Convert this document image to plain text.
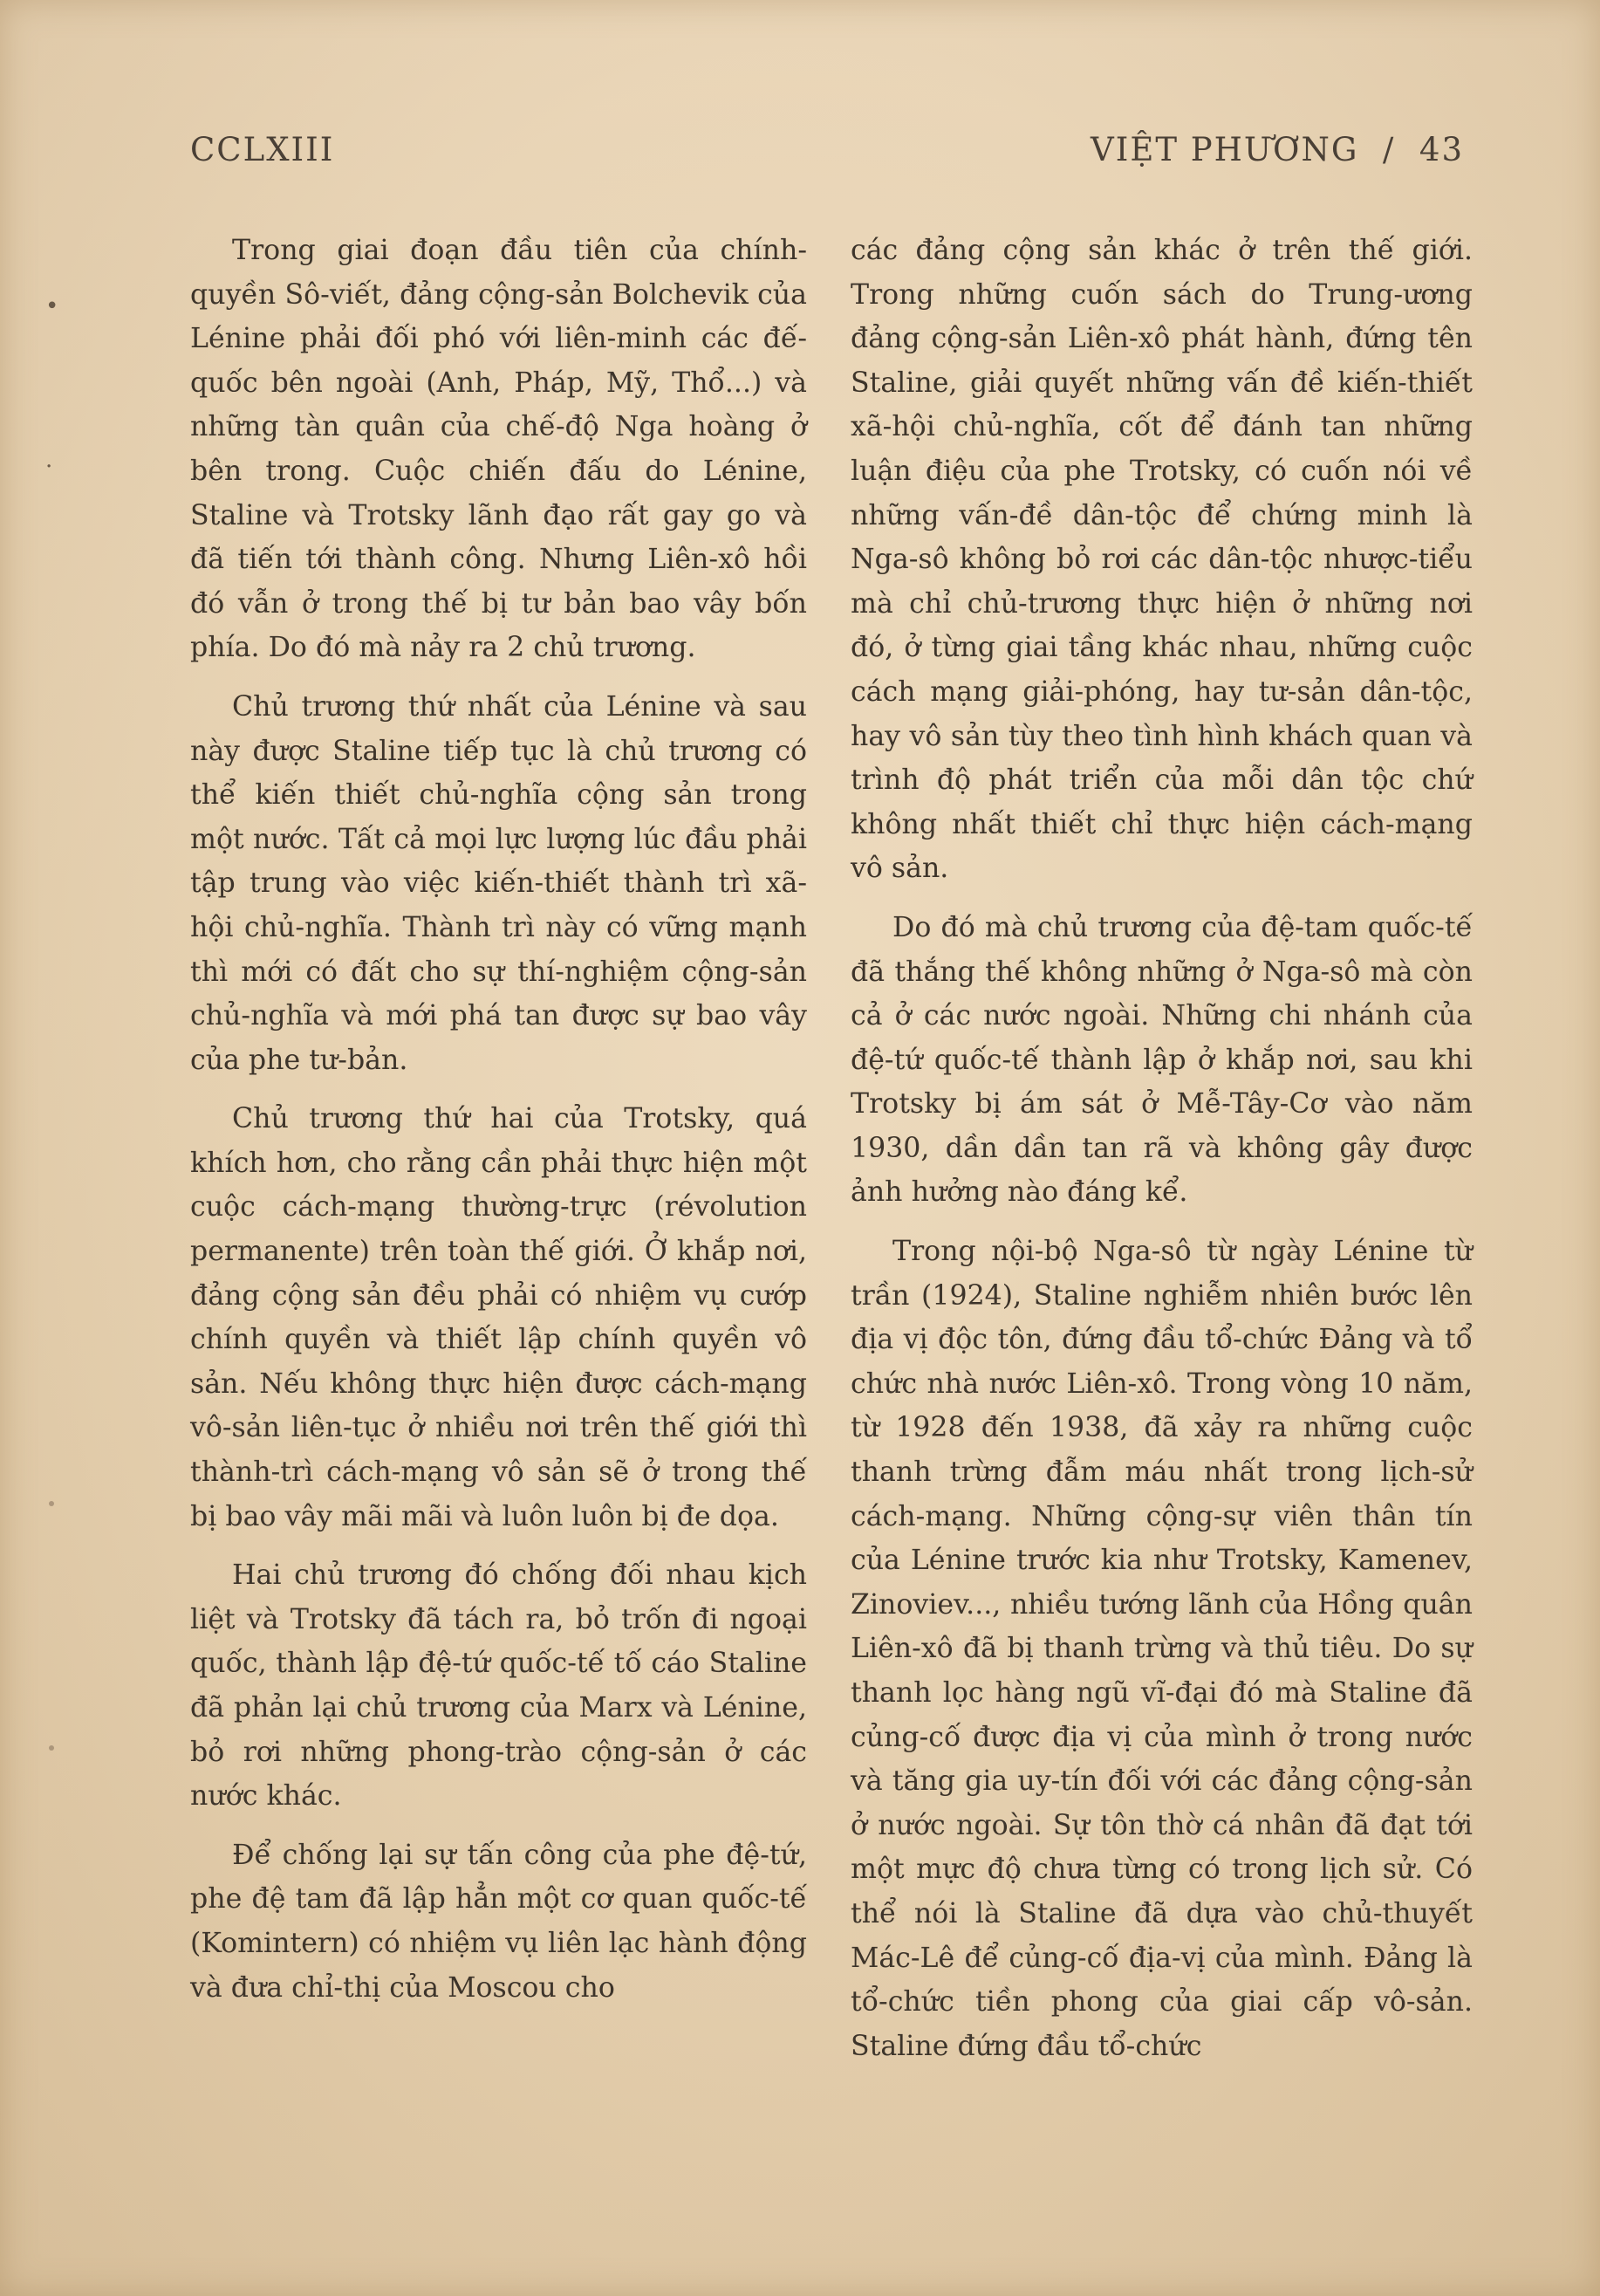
•
·
CCLXIII	VIỆT PHƯƠNG  /  43

Trong giai đoạn đầu tiên của chính-quyền Sô-viết, đảng cộng-sản Bolchevik của Lénine phải đối phó với liên-minh các đế-quốc bên ngoài (Anh, Pháp, Mỹ, Thổ...) và những tàn quân của chế-độ Nga hoàng ở bên trong. Cuộc chiến đấu do Lénine, Staline và Trotsky lãnh đạo rất gay go và đã tiến tới thành công. Nhưng Liên-xô hồi đó vẫn ở trong thế bị tư bản bao vây bốn phía. Do đó mà nảy ra 2 chủ trương.

Chủ trương thứ nhất của Lénine và sau này được Staline tiếp tục là chủ trương có thể kiến thiết chủ-nghĩa cộng sản trong một nước. Tất cả mọi lực lượng lúc đầu phải tập trung vào việc kiến-thiết thành trì xã-hội chủ-nghĩa. Thành trì này có vững mạnh thì mới có đất cho sự thí-nghiệm cộng-sản chủ-nghĩa và mới phá tan được sự bao vây của phe tư-bản.

Chủ trương thứ hai của Trotsky, quá khích hơn, cho rằng cần phải thực hiện một cuộc cách-mạng thường-trực (révolution permanente) trên toàn thế giới. Ở khắp nơi, đảng cộng sản đều phải có nhiệm vụ cướp chính quyền và thiết lập chính quyền vô sản. Nếu không thực hiện được cách-mạng vô-sản liên-tục ở nhiều nơi trên thế giới thì thành-trì cách-mạng vô sản sẽ ở trong thế bị bao vây mãi mãi và luôn luôn bị đe dọa.

Hai chủ trương đó chống đối nhau kịch liệt và Trotsky đã tách ra, bỏ trốn đi ngoại quốc, thành lập đệ-tứ quốc-tế tố cáo Staline đã phản lại chủ trương của Marx và Lénine, bỏ rơi những phong-trào cộng-sản ở các nước khác.

Để chống lại sự tấn công của phe đệ-tứ, phe đệ tam đã lập hẳn một cơ quan quốc-tế (Komintern) có nhiệm vụ liên lạc hành động và đưa chỉ-thị của Moscou cho

các đảng cộng sản khác ở trên thế giới. Trong những cuốn sách do Trung-ương đảng cộng-sản Liên-xô phát hành, đứng tên Staline, giải quyết những vấn đề kiến-thiết xã-hội chủ-nghĩa, cốt để đánh tan những luận điệu của phe Trotsky, có cuốn nói về những vấn-đề dân-tộc để chứng minh là Nga-sô không bỏ rơi các dân-tộc nhược-tiểu mà chỉ chủ-trương thực hiện ở những nơi đó, ở từng giai tầng khác nhau, những cuộc cách mạng giải-phóng, hay tư-sản dân-tộc, hay vô sản tùy theo tình hình khách quan và trình độ phát triển của mỗi dân tộc chứ không nhất thiết chỉ thực hiện cách-mạng vô sản.

Do đó mà chủ trương của đệ-tam quốc-tế đã thắng thế không những ở Nga-sô mà còn cả ở các nước ngoài. Những chi nhánh của đệ-tứ quốc-tế thành lập ở khắp nơi, sau khi Trotsky bị ám sát ở Mễ-Tây-Cơ vào năm 1930, dần dần tan rã và không gây được ảnh hưởng nào đáng kể.

Trong nội-bộ Nga-sô từ ngày Lénine từ trần (1924), Staline nghiễm nhiên bước lên địa vị độc tôn, đứng đầu tổ-chức Đảng và tổ chức nhà nước Liên-xô. Trong vòng 10 năm, từ 1928 đến 1938, đã xảy ra những cuộc thanh trừng đẫm máu nhất trong lịch-sử cách-mạng. Những cộng-sự viên thân tín của Lénine trước kia như Trotsky, Kamenev, Zinoviev..., nhiều tướng lãnh của Hồng quân Liên-xô đã bị thanh trừng và thủ tiêu. Do sự thanh lọc hàng ngũ vĩ-đại đó mà Staline đã củng-cố được địa vị của mình ở trong nước và tăng gia uy-tín đối với các đảng cộng-sản ở nước ngoài. Sự tôn thờ cá nhân đã đạt tới một mực độ chưa từng có trong lịch sử. Có thể nói là Staline đã dựa vào chủ-thuyết Mác-Lê để củng-cố địa-vị của mình. Đảng là tổ-chức tiền phong của giai cấp vô-sản. Staline đứng đầu tổ-chức
